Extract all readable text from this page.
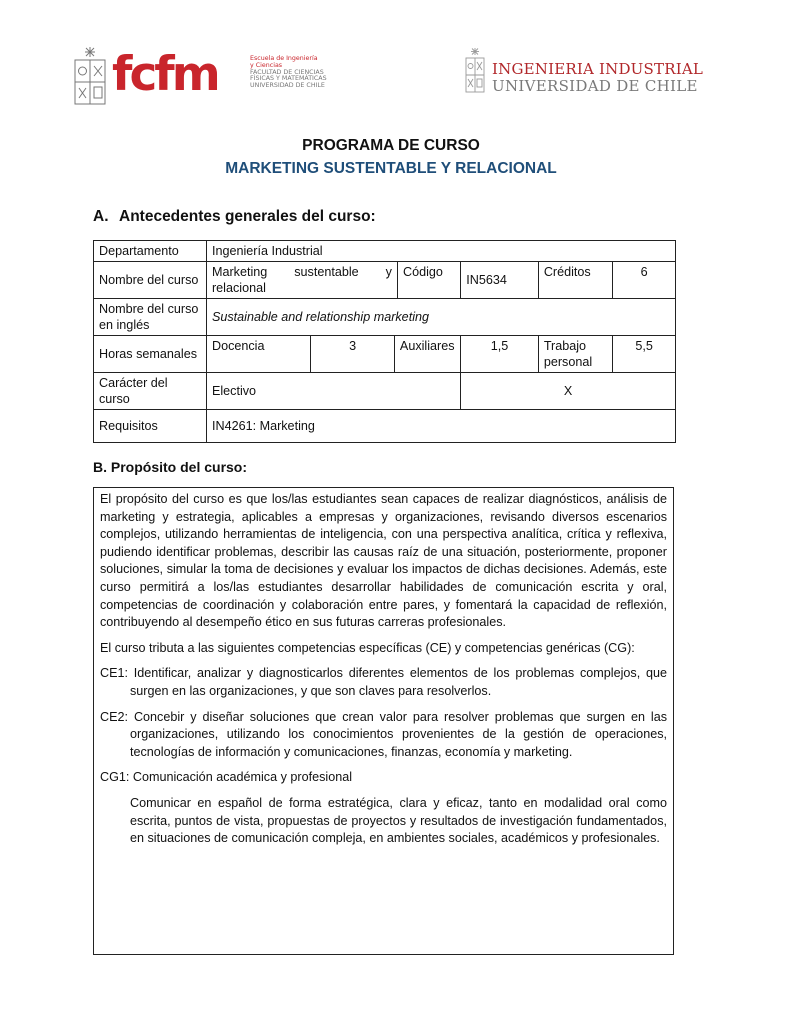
fcfm	Escuela de Ingeniería
y Ciencias
FACULTAD DE CIENCIAS
FÍSICAS Y MATEMÁTICAS
UNIVERSIDAD DE CHILE
INGENIERIA INDUSTRIAL
UNIVERSIDAD DE CHILE
PROGRAMA DE CURSO
MARKETING SUSTENTABLE Y RELACIONAL
A. Antecedentes generales del curso:
Departamento	Ingeniería Industrial						
Nombre del curso	Marketing sustentable y relacional			Código	IN5634	Créditos	6
Nombre del curso en inglés	Sustainable and relationship marketing						
Horas semanales	Docencia	3	Auxiliares		1,5	Trabajo personal	5,5
Carácter del curso	Electivo				X		
Requisitos	IN4261: Marketing						
B. Propósito del curso:

El propósito del curso es que los/las estudiantes sean capaces de realizar diagnósticos, análisis de marketing y estrategia, aplicables a empresas y organizaciones, revisando diversos escenarios complejos, utilizando herramientas de inteligencia, con una perspectiva analítica, crítica y reflexiva, pudiendo identificar problemas, describir las causas raíz de una situación, posteriormente, proponer soluciones, simular la toma de decisiones y evaluar los impactos de dichas decisiones. Además, este curso permitirá a los/las estudiantes desarrollar habilidades de comunicación escrita y oral, competencias de coordinación y colaboración entre pares, y fomentará la capacidad de reflexión, contribuyendo al desempeño ético en sus futuras carreras profesionales.

El curso tributa a las siguientes competencias específicas (CE) y competencias genéricas (CG):

CE1: Identificar, analizar y diagnosticarlos diferentes elementos de los problemas complejos, que surgen en las organizaciones, y que son claves para resolverlos.

CE2: Concebir y diseñar soluciones que crean valor para resolver problemas que surgen en las organizaciones, utilizando los conocimientos provenientes de la gestión de operaciones, tecnologías de información y comunicaciones, finanzas, economía y marketing.

CG1: Comunicación académica y profesional

Comunicar en español de forma estratégica, clara y eficaz, tanto en modalidad oral como escrita, puntos de vista, propuestas de proyectos y resultados de investigación fundamentados, en situaciones de comunicación compleja, en ambientes sociales, académicos y profesionales.
